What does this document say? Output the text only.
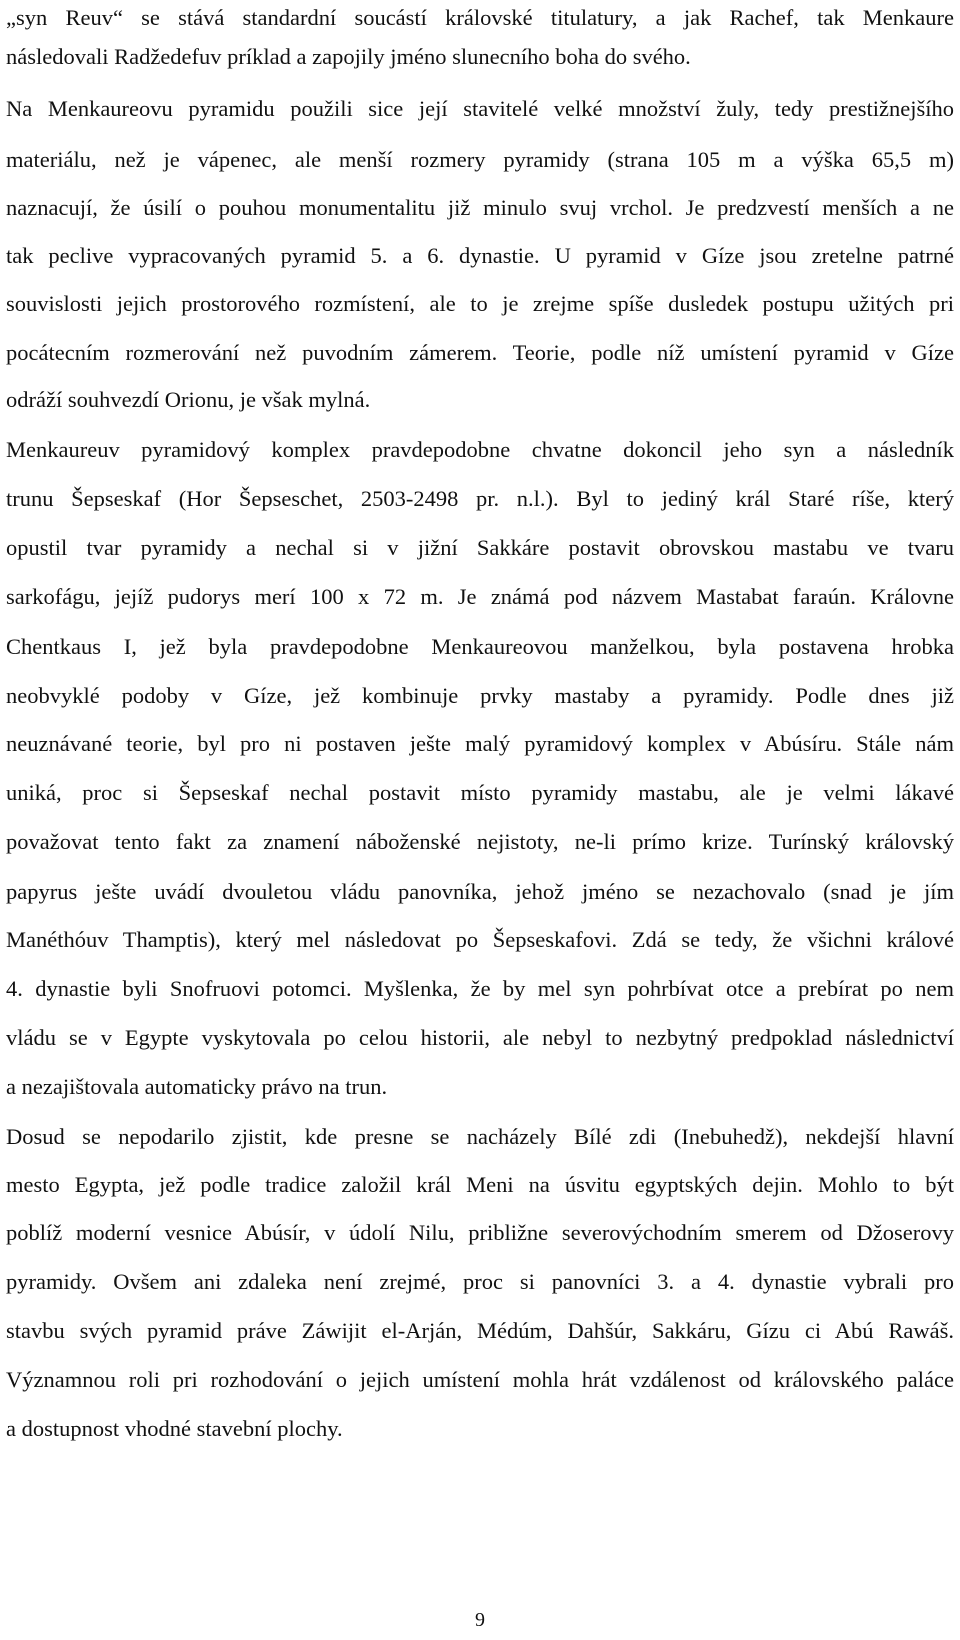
„syn Reuv“ se stává standardní soucástí královské titulatury, a jak Rachef, tak Menkaure
následovali Radžedefuv príklad a zapojily jméno slunecního boha do svého.
Na Menkaureovu pyramidu použili sice její stavitelé velké množství žuly, tedy prestižnejšího
materiálu, než je vápenec, ale menší rozmery pyramidy (strana 105 m a výška 65,5 m)
naznacují, že úsilí o pouhou monumentalitu již minulo svuj vrchol. Je predzvestí menších a ne
tak peclive vypracovaných pyramid 5. a 6. dynastie. U pyramid v Gíze jsou zretelne patrné
souvislosti jejich prostorového rozmístení, ale to je zrejme spíše dusledek postupu užitých pri
pocátecním rozmerování než puvodním zámerem. Teorie, podle níž umístení pyramid v Gíze
odráží souhvezdí Orionu, je však mylná.
Menkaureuv pyramidový komplex pravdepodobne chvatne dokoncil jeho syn a následník
trunu Šepseskaf (Hor Šepseschet, 2503-2498 pr. n.l.). Byl to jediný král Staré ríše, který
opustil tvar pyramidy a nechal si v jižní Sakkáre postavit obrovskou mastabu ve tvaru
sarkofágu, jejíž pudorys merí 100 x 72 m. Je známá pod názvem Mastabat faraún. Královne
Chentkaus I, jež byla pravdepodobne Menkaureovou manželkou, byla postavena hrobka
neobvyklé podoby v Gíze, jež kombinuje prvky mastaby a pyramidy. Podle dnes již
neuznávané teorie, byl pro ni postaven ješte malý pyramidový komplex v Abúsíru. Stále nám
uniká, proc si Šepseskaf nechal postavit místo pyramidy mastabu, ale je velmi lákavé
považovat tento fakt za znamení náboženské nejistoty, ne-li prímo krize. Turínský královský
papyrus ješte uvádí dvouletou vládu panovníka, jehož jméno se nezachovalo (snad je jím
Manéthóuv Thamptis), který mel následovat po Šepseskafovi. Zdá se tedy, že všichni králové
4. dynastie byli Snofruovi potomci. Myšlenka, že by mel syn pohrbívat otce a prebírat po nem
vládu se v Egypte vyskytovala po celou historii, ale nebyl to nezbytný predpoklad následnictví
a nezajištovala automaticky právo na trun.
Dosud se nepodarilo zjistit, kde presne se nacházely Bílé zdi (Inebuhedž), nekdejší hlavní
mesto Egypta, jež podle tradice založil král Meni na úsvitu egyptských dejin. Mohlo to být
poblíž moderní vesnice Abúsír, v údolí Nilu, približne severovýchodním smerem od Džoserovy
pyramidy. Ovšem ani zdaleka není zrejmé, proc si panovníci 3. a 4. dynastie vybrali pro
stavbu svých pyramid práve Záwijit el-Arján, Médúm, Dahšúr, Sakkáru, Gízu ci Abú Rawáš.
Významnou roli pri rozhodování o jejich umístení mohla hrát vzdálenost od královského paláce
a dostupnost vhodné stavební plochy.
9
